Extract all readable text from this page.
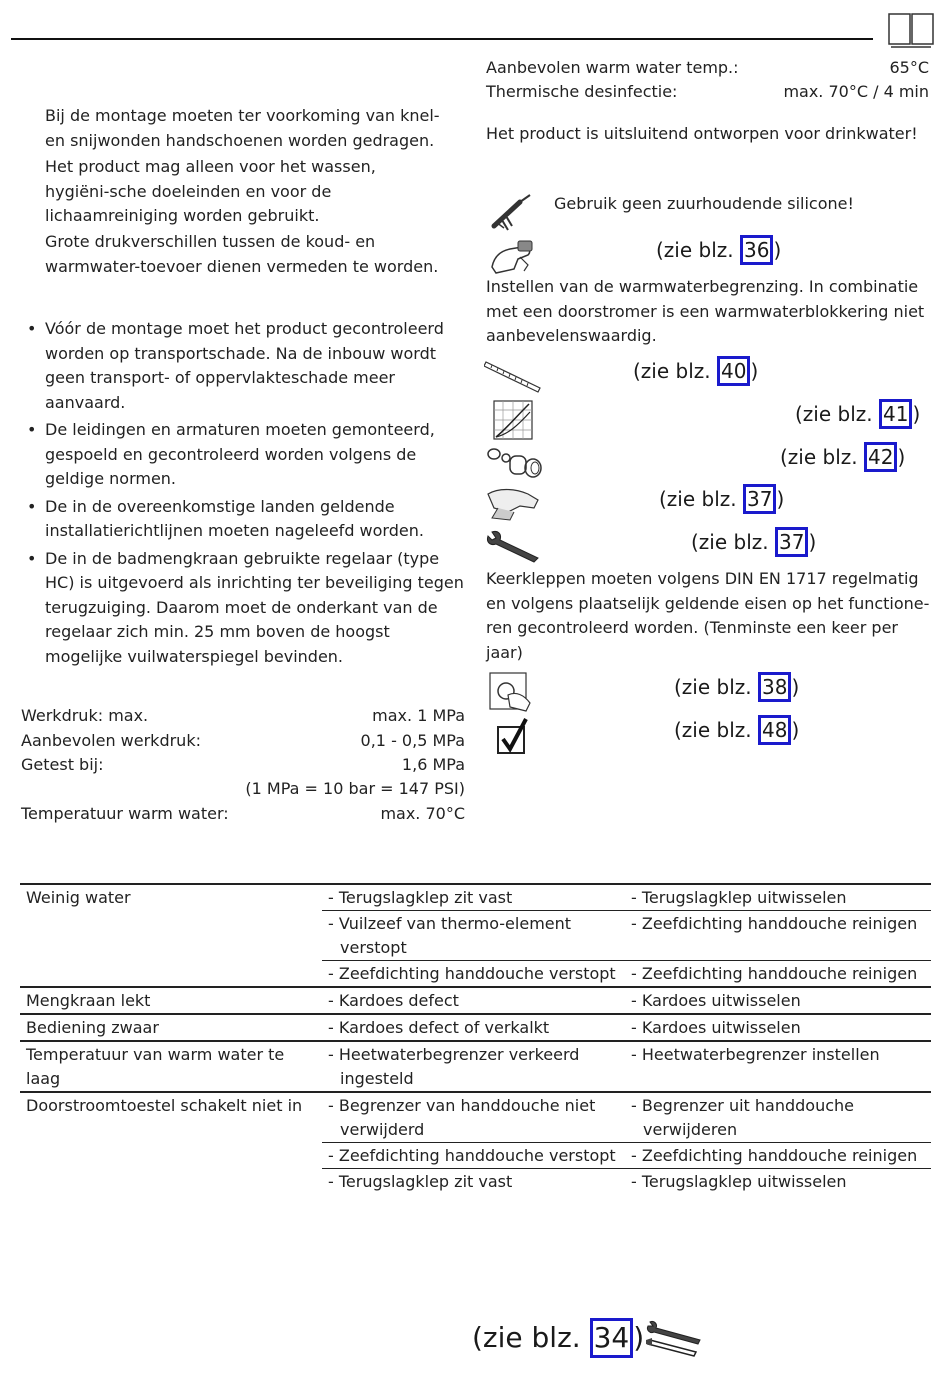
Bij de montage moeten ter voorkoming van knel- en snijwonden handschoenen worden gedragen.
Het product mag alleen voor het wassen, hygiëni-sche doeleinden en voor de lichaamreiniging worden gebruikt.
Grote drukverschillen tussen de koud- en warmwater-toevoer dienen vermeden te worden.
• Vóór de montage moet het product gecontroleerd worden op transportschade. Na de inbouw wordt geen transport- of oppervlakteschade meer aanvaard.
• De leidingen en armaturen moeten gemonteerd, gespoeld en gecontroleerd worden volgens de geldige normen.
• De in de overeenkomstige landen geldende installatierichtlijnen moeten nageleefd worden.
• De in de badmengkraan gebruikte regelaar (type HC) is uitgevoerd als inrichting ter beveiliging tegen terugzuiging. Daarom moet de onderkant van de regelaar zich min. 25 mm boven de hoogst mogelijke vuilwaterspiegel bevinden.
Werkdruk: max.	max. 1 MPa
Aanbevolen werkdruk:	0,1 - 0,5 MPa
Getest bij:	1,6 MPa
(1 MPa = 10 bar = 147 PSI)
Temperatuur warm water:	max. 70°C
Aanbevolen warm water temp.:	65°C
Thermische desinfectie:	max. 70°C / 4 min
Het product is uitsluitend ontworpen voor drinkwater!
Gebruik geen zuurhoudende silicone!
(zie blz. 36 )
Instellen van de warmwaterbegrenzing. In combinatie met een doorstromer is een warmwaterblokkering niet aanbevelenswaardig.
(zie blz. 40 )
(zie blz. 41 )
(zie blz. 42 )
(zie blz. 37 )
(zie blz. 37 )
Keerkleppen moeten volgens DIN EN 1717 regelmatig en volgens plaatselijk geldende eisen op het functione-ren gecontroleerd worden. (Tenminste een keer per jaar)
(zie blz. 38 )
(zie blz. 48 )
Weinig water	- Terugslagklep zit vast	- Terugslagklep uitwisselen

	- Vuilzeef van thermo-element verstopt	- Zeefdichting handdouche reinigen

	- Zeefdichting handdouche verstopt	- Zeefdichting handdouche reinigen

Mengkraan lekt	- Kardoes defect	- Kardoes uitwisselen

Bediening zwaar	- Kardoes defect of verkalkt	- Kardoes uitwisselen

Temperatuur van warm water te laag	- Heetwaterbegrenzer verkeerd ingesteld	- Heetwaterbegrenzer instellen

Doorstroomtoestel schakelt niet in	- Begrenzer van handdouche niet verwijderd	- Begrenzer uit handdouche verwijderen

	- Zeefdichting handdouche verstopt	- Zeefdichting handdouche reinigen

	- Terugslagklep zit vast	- Terugslagklep uitwisselen
(zie blz. 34 )
